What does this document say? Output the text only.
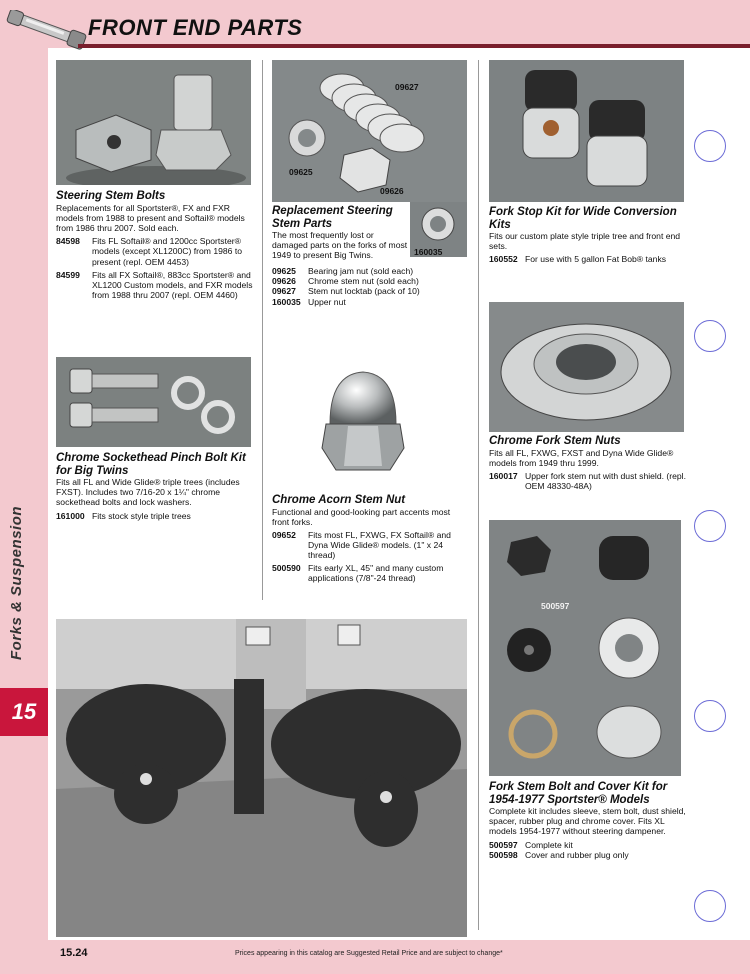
FRONT END PARTS
Forks & Suspension
15
Steering Stem Bolts
Replacements for all Sportster®, FX and FXR models from 1988 to present and Softail® models from 1986 thru 2007. Sold each.
84598	Fits FL Softail® and 1200cc Sportster® models (except XL1200C) from 1986 to present (repl. OEM 4453)
84599	Fits all FX Softail®, 883cc Sportster® and XL1200 Custom models, and FXR models from 1988 thru 2007 (repl. OEM 4460)
Chrome Sockethead Pinch Bolt Kit for Big Twins
Fits all FL and Wide Glide® triple trees (includes FXST). Includes two 7/16-20 x 1¼" chrome sockethead bolts and lock washers.
161000 Fits stock style triple trees
09627
09625
09626
160035
Replacement Steering Stem Parts
The most frequently lost or damaged parts on the forks of most 1949 to present Big Twins.
09625	Bearing jam nut (sold each)
09626	Chrome stem nut (sold each)
09627	Stem nut locktab (pack of 10)
160035 Upper nut
Chrome Acorn Stem Nut
Functional and good-looking part accents most front forks.
09652	Fits most FL, FXWG, FX Softail® and Dyna Wide Glide® models. (1" x 24 thread)
500590 Fits early XL, 45" and many custom applications (7/8"-24 thread)
Fork Stop Kit for Wide Conversion Kits
Fits our custom plate style triple tree and front end sets.
160552 For use with 5 gallon Fat Bob® tanks
Chrome Fork Stem Nuts
Fits all FL, FXWG, FXST and Dyna Wide Glide® models from 1949 thru 1999.
160017 Upper fork stem nut with dust shield. (repl. OEM 48330-48A)
500597
Fork Stem Bolt and Cover Kit for 1954-1977 Sportster® Models
Complete kit includes sleeve, stem bolt, dust shield, spacer, rubber plug and chrome cover. Fits XL models 1954-1977 without steering dampener.
500597 Complete kit
500598 Cover and rubber plug only
15.24	Prices appearing in this catalog are Suggested Retail Price and are subject to change*
